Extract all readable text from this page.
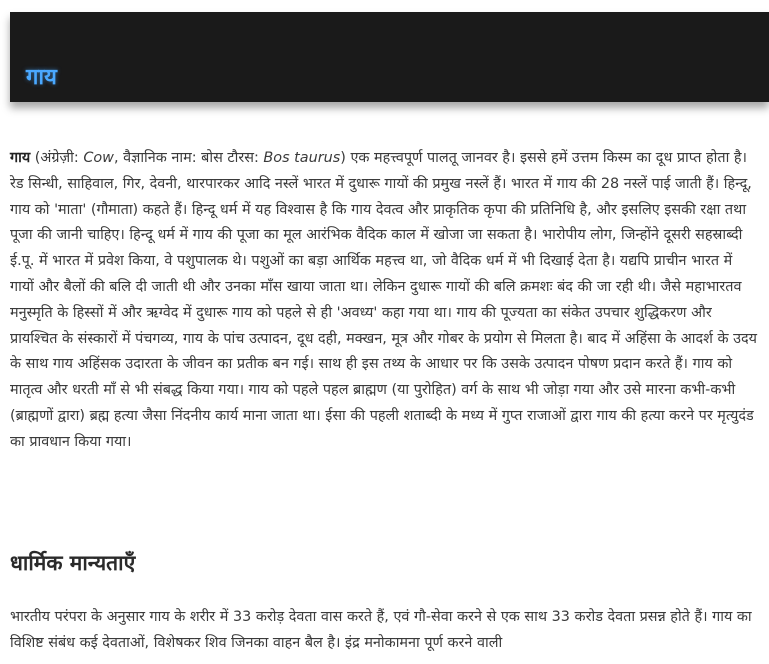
गाय

गाय (अंग्रेज़ी: Cow, वैज्ञानिक नाम: बोस टौरस: Bos taurus) एक महत्त्वपूर्ण पालतू जानवर है। इससे हमें उत्तम किस्म का दूध प्राप्त होता है। रेड सिन्धी, साहिवाल, गिर, देवनी, थारपारकर आदि नस्लें भारत में दुधारू गायों की प्रमुख नस्लें हैं। भारत में गाय की 28 नस्लें पाई जाती हैं। हिन्दू, गाय को 'माता' (गौमाता) कहते हैं। हिन्दू धर्म में यह विश्वास है कि गाय देवत्व और प्राकृतिक कृपा की प्रतिनिधि है, और इसलिए इसकी रक्षा तथा पूजा की जानी चाहिए। हिन्दू धर्म में गाय की पूजा का मूल आरंभिक वैदिक काल में खोजा जा सकता है। भारोपीय लोग, जिन्होंने दूसरी सहस्राब्दी ई.पू. में भारत में प्रवेश किया, वे पशुपालक थे। पशुओं का बड़ा आर्थिक महत्त्व था, जो वैदिक धर्म में भी दिखाई देता है। यद्यपि प्राचीन भारत में गायों और बैलों की बलि दी जाती थी और उनका माँस खाया जाता था। लेकिन दुधारू गायों की बलि क्रमशः बंद की जा रही थी। जैसे महाभारतव मनुस्मृति के हिस्सों में और ऋग्वेद में दुधारू गाय को पहले से ही 'अवध्य' कहा गया था। गाय की पूज्यता का संकेत उपचार शुद्धिकरण और प्रायश्चित के संस्कारों में पंचगव्य, गाय के पांच उत्पादन, दूध दही, मक्खन, मूत्र और गोबर के प्रयोग से मिलता है। बाद में अहिंसा के आदर्श के उदय के साथ गाय अहिंसक उदारता के जीवन का प्रतीक बन गई। साथ ही इस तथ्य के आधार पर कि उसके उत्पादन पोषण प्रदान करते हैं। गाय को मातृत्व और धरती माँ से भी संबद्ध किया गया। गाय को पहले पहल ब्राह्मण (या पुरोहित) वर्ग के साथ भी जोड़ा गया और उसे मारना कभी-कभी (ब्राह्मणों द्वारा) ब्रह्म हत्या जैसा निंदनीय कार्य माना जाता था। ईसा की पहली शताब्दी के मध्य में गुप्त राजाओं द्वारा गाय की हत्या करने पर मृत्युदंड का प्रावधान किया गया।

धार्मिक मान्यताएँ

भारतीय परंपरा के अनुसार गाय के शरीर में 33 करोड़ देवता वास करते हैं, एवं गौ-सेवा करने से एक साथ 33 करोड देवता प्रसन्न होते हैं। गाय का विशिष्ट संबंध कई देवताओं, विशेषकर शिव जिनका वाहन बैल है। इंद्र मनोकामना पूर्ण करने वाली
